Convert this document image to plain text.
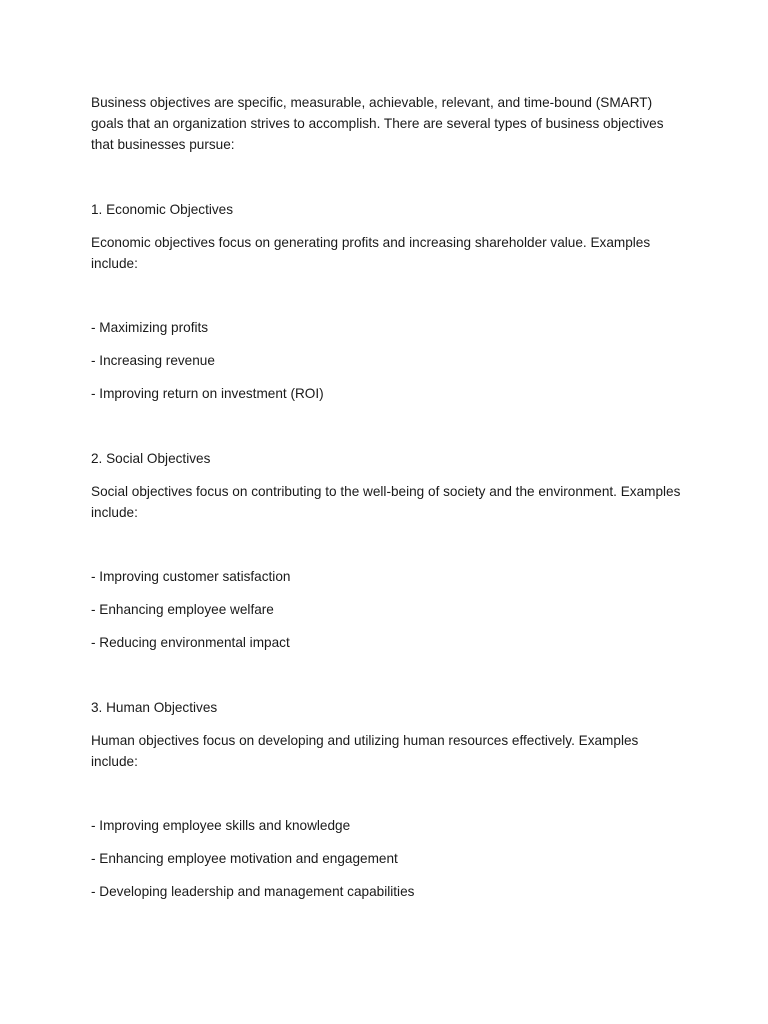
Business objectives are specific, measurable, achievable, relevant, and time-bound (SMART) goals that an organization strives to accomplish. There are several types of business objectives that businesses pursue:

1. Economic Objectives

Economic objectives focus on generating profits and increasing shareholder value. Examples include:

- Maximizing profits
- Increasing revenue
- Improving return on investment (ROI)

2. Social Objectives

Social objectives focus on contributing to the well-being of society and the environment. Examples include:

- Improving customer satisfaction
- Enhancing employee welfare
- Reducing environmental impact

3. Human Objectives

Human objectives focus on developing and utilizing human resources effectively. Examples include:

- Improving employee skills and knowledge
- Enhancing employee motivation and engagement
- Developing leadership and management capabilities
